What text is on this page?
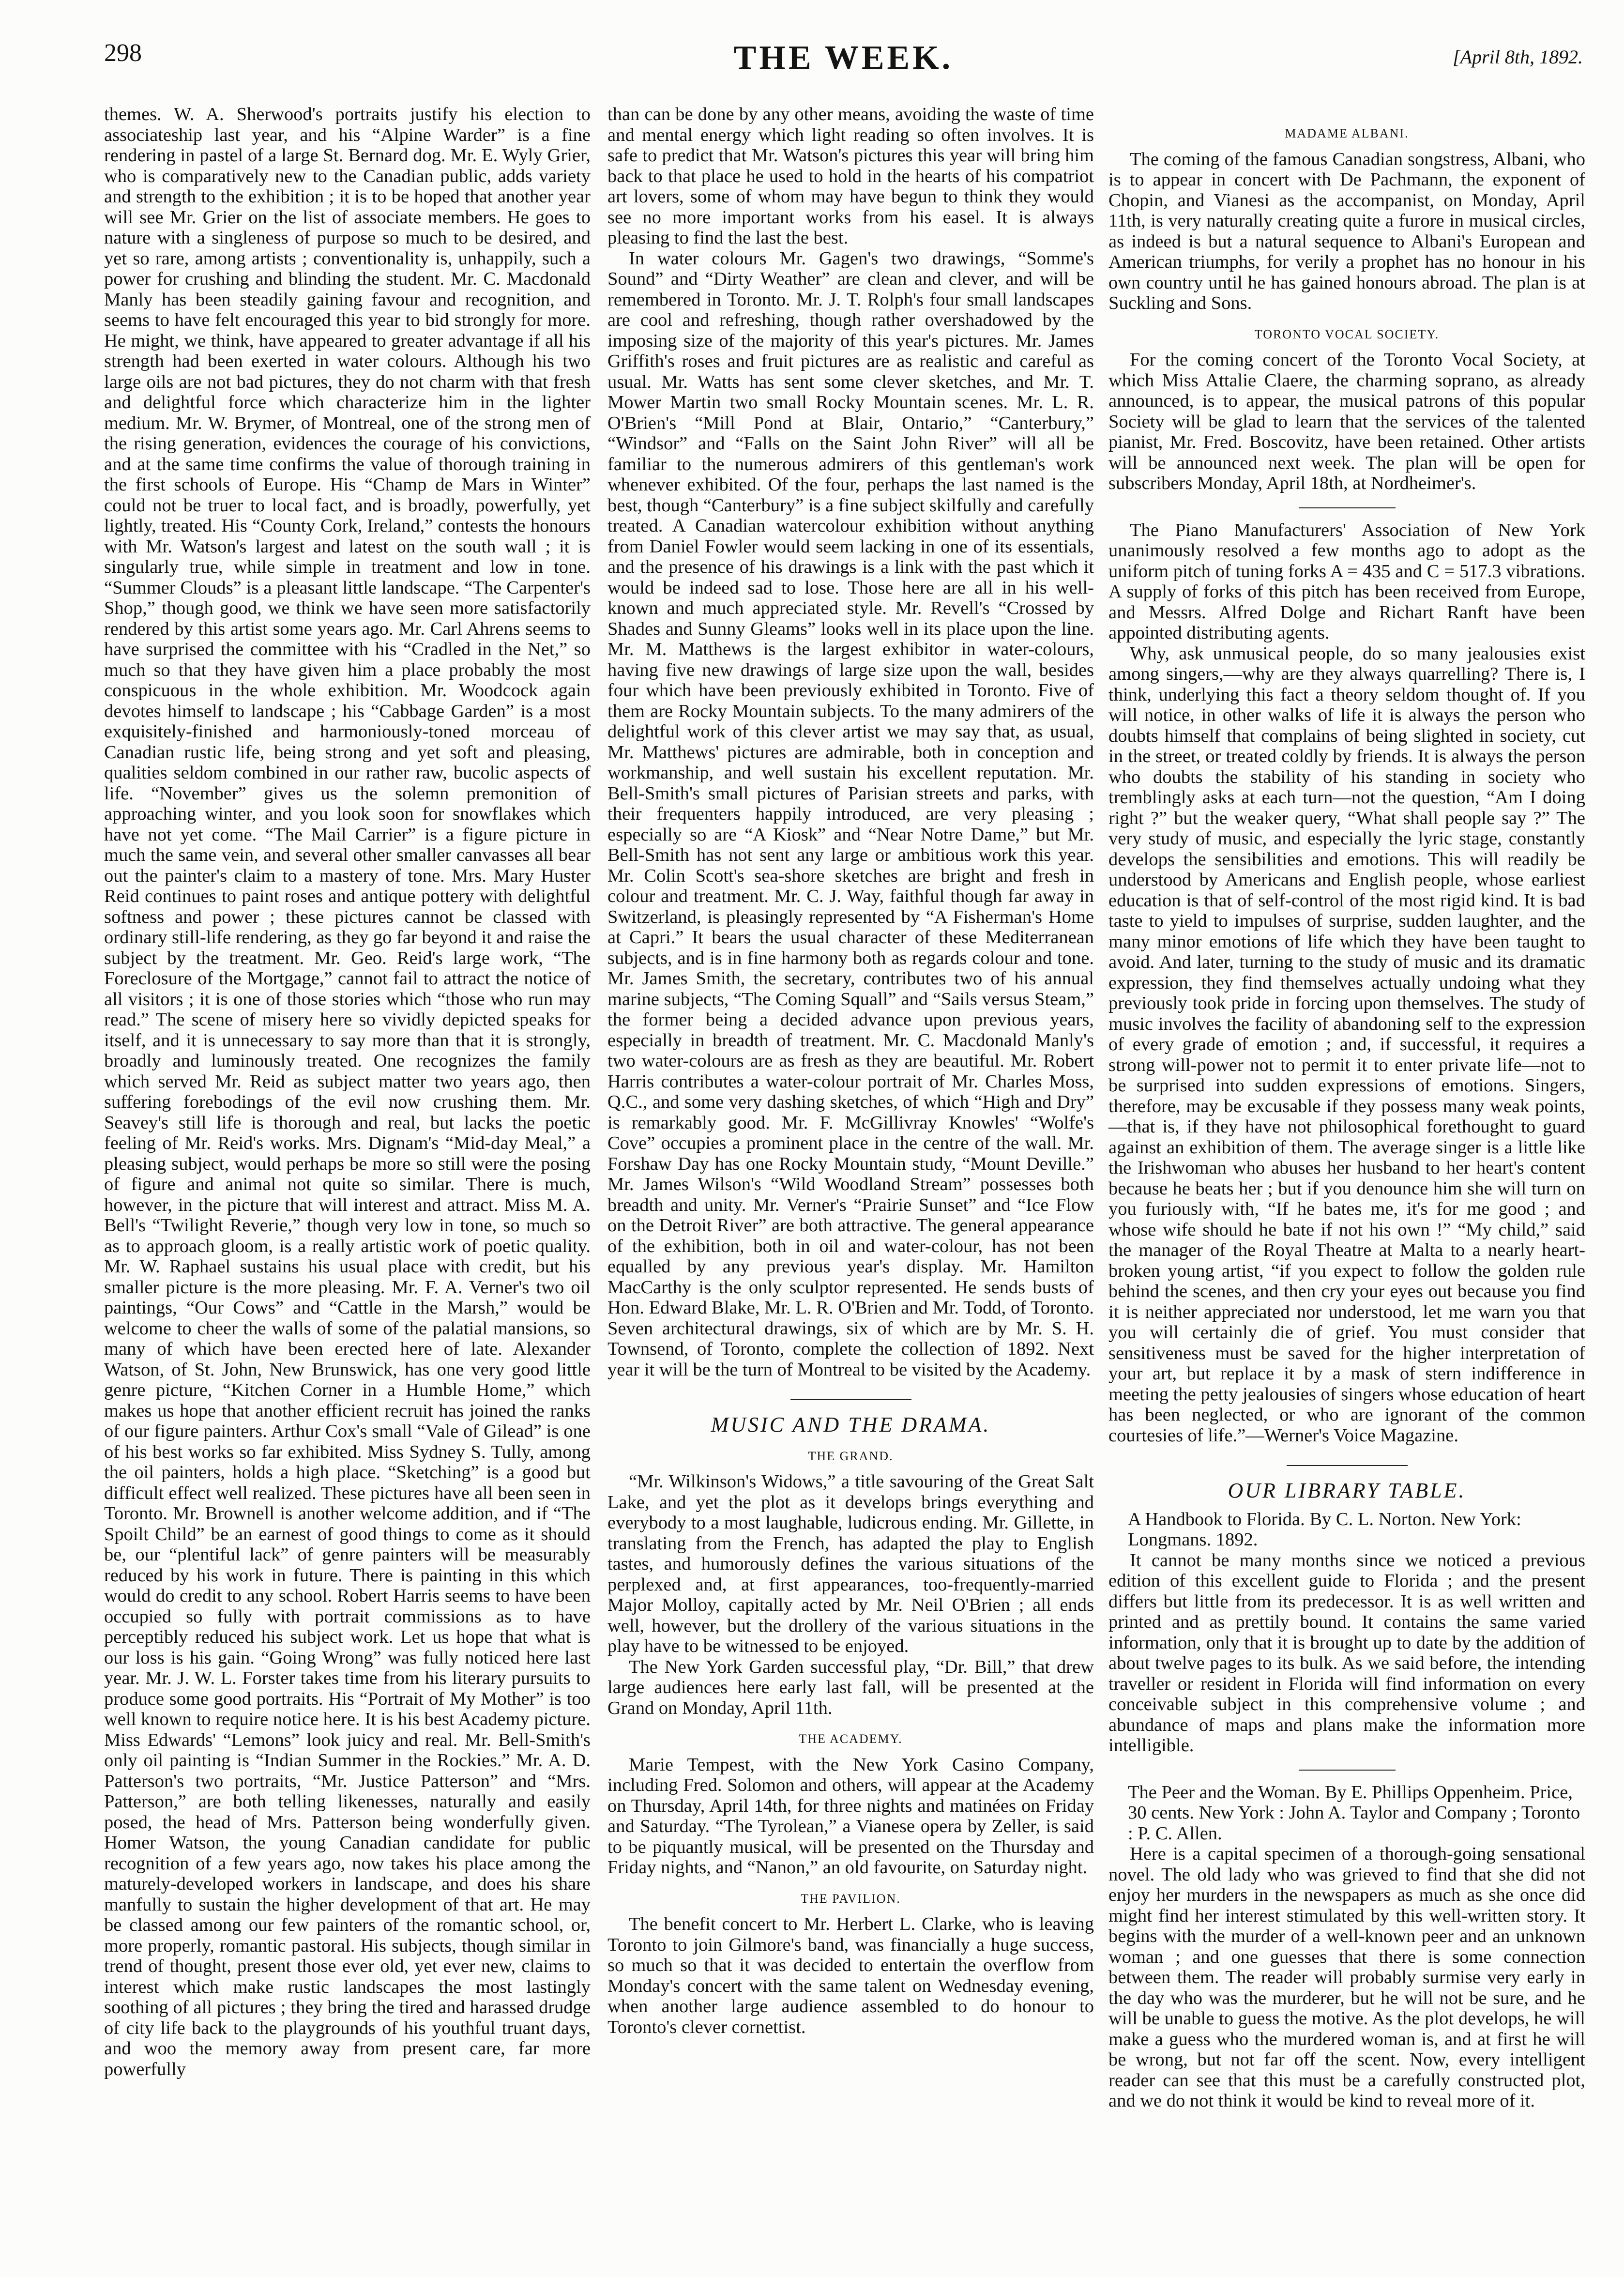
298	THE WEEK.	[April 8th, 1892.

themes. W. A. Sherwood's portraits justify his election to associateship last year, and his “Alpine Warder” is a fine rendering in pastel of a large St. Bernard dog. Mr. E. Wyly Grier, who is comparatively new to the Canadian public, adds variety and strength to the exhibition ; it is to be hoped that another year will see Mr. Grier on the list of associate members. He goes to nature with a singleness of purpose so much to be desired, and yet so rare, among artists ; conventionality is, unhappily, such a power for crushing and blinding the student. Mr. C. Macdonald Manly has been steadily gaining favour and recognition, and seems to have felt encouraged this year to bid strongly for more. He might, we think, have appeared to greater advantage if all his strength had been exerted in water colours. Although his two large oils are not bad pictures, they do not charm with that fresh and delightful force which characterize him in the lighter medium. Mr. W. Brymer, of Montreal, one of the strong men of the rising generation, evidences the courage of his convictions, and at the same time confirms the value of thorough training in the first schools of Europe. His “Champ de Mars in Winter” could not be truer to local fact, and is broadly, powerfully, yet lightly, treated. His “County Cork, Ireland,” contests the honours with Mr. Watson's largest and latest on the south wall ; it is singularly true, while simple in treatment and low in tone. “Summer Clouds” is a pleasant little landscape. “The Carpenter's Shop,” though good, we think we have seen more satisfactorily rendered by this artist some years ago. Mr. Carl Ahrens seems to have surprised the committee with his “Cradled in the Net,” so much so that they have given him a place probably the most conspicuous in the whole exhibition. Mr. Woodcock again devotes himself to landscape ; his “Cabbage Garden” is a most exquisitely-finished and harmoniously-toned morceau of Canadian rustic life, being strong and yet soft and pleasing, qualities seldom combined in our rather raw, bucolic aspects of life. “November” gives us the solemn premonition of approaching winter, and you look soon for snowflakes which have not yet come. “The Mail Carrier” is a figure picture in much the same vein, and several other smaller canvasses all bear out the painter's claim to a mastery of tone. Mrs. Mary Huster Reid continues to paint roses and antique pottery with delightful softness and power ; these pictures cannot be classed with ordinary still-life rendering, as they go far beyond it and raise the subject by the treatment. Mr. Geo. Reid's large work, “The Foreclosure of the Mortgage,” cannot fail to attract the notice of all visitors ; it is one of those stories which “those who run may read.” The scene of misery here so vividly depicted speaks for itself, and it is unnecessary to say more than that it is strongly, broadly and luminously treated. One recognizes the family which served Mr. Reid as subject matter two years ago, then suffering forebodings of the evil now crushing them. Mr. Seavey's still life is thorough and real, but lacks the poetic feeling of Mr. Reid's works. Mrs. Dignam's “Mid-day Meal,” a pleasing subject, would perhaps be more so still were the posing of figure and animal not quite so similar. There is much, however, in the picture that will interest and attract. Miss M. A. Bell's “Twilight Reverie,” though very low in tone, so much so as to approach gloom, is a really artistic work of poetic quality. Mr. W. Raphael sustains his usual place with credit, but his smaller picture is the more pleasing. Mr. F. A. Verner's two oil paintings, “Our Cows” and “Cattle in the Marsh,” would be welcome to cheer the walls of some of the palatial mansions, so many of which have been erected here of late. Alexander Watson, of St. John, New Brunswick, has one very good little genre picture, “Kitchen Corner in a Humble Home,” which makes us hope that another efficient recruit has joined the ranks of our figure painters. Arthur Cox's small “Vale of Gilead” is one of his best works so far exhibited. Miss Sydney S. Tully, among the oil painters, holds a high place. “Sketching” is a good but difficult effect well realized. These pictures have all been seen in Toronto. Mr. Brownell is another welcome addition, and if “The Spoilt Child” be an earnest of good things to come as it should be, our “plentiful lack” of genre painters will be measurably reduced by his work in future. There is painting in this which would do credit to any school. Robert Harris seems to have been occupied so fully with portrait commissions as to have perceptibly reduced his subject work. Let us hope that what is our loss is his gain. “Going Wrong” was fully noticed here last year. Mr. J. W. L. Forster takes time from his literary pursuits to produce some good portraits. His “Portrait of My Mother” is too well known to require notice here. It is his best Academy picture. Miss Edwards' “Lemons” look juicy and real. Mr. Bell-Smith's only oil painting is “Indian Summer in the Rockies.” Mr. A. D. Patterson's two portraits, “Mr. Justice Patterson” and “Mrs. Patterson,” are both telling likenesses, naturally and easily posed, the head of Mrs. Patterson being wonderfully given. Homer Watson, the young Canadian candidate for public recognition of a few years ago, now takes his place among the maturely-developed workers in landscape, and does his share manfully to sustain the higher development of that art. He may be classed among our few painters of the romantic school, or, more properly, romantic pastoral. His subjects, though similar in trend of thought, present those ever old, yet ever new, claims to interest which make rustic landscapes the most lastingly soothing of all pictures ; they bring the tired and harassed drudge of city life back to the playgrounds of his youthful truant days, and woo the memory away from present care, far more powerfully

than can be done by any other means, avoiding the waste of time and mental energy which light reading so often involves. It is safe to predict that Mr. Watson's pictures this year will bring him back to that place he used to hold in the hearts of his compatriot art lovers, some of whom may have begun to think they would see no more important works from his easel. It is always pleasing to find the last the best.

In water colours Mr. Gagen's two drawings, “Somme's Sound” and “Dirty Weather” are clean and clever, and will be remembered in Toronto. Mr. J. T. Rolph's four small landscapes are cool and refreshing, though rather overshadowed by the imposing size of the majority of this year's pictures. Mr. James Griffith's roses and fruit pictures are as realistic and careful as usual. Mr. Watts has sent some clever sketches, and Mr. T. Mower Martin two small Rocky Mountain scenes. Mr. L. R. O'Brien's “Mill Pond at Blair, Ontario,” “Canterbury,” “Windsor” and “Falls on the Saint John River” will all be familiar to the numerous admirers of this gentleman's work whenever exhibited. Of the four, perhaps the last named is the best, though “Canterbury” is a fine subject skilfully and carefully treated. A Canadian watercolour exhibition without anything from Daniel Fowler would seem lacking in one of its essentials, and the presence of his drawings is a link with the past which it would be indeed sad to lose. Those here are all in his well-known and much appreciated style. Mr. Revell's “Crossed by Shades and Sunny Gleams” looks well in its place upon the line. Mr. M. Matthews is the largest exhibitor in water-colours, having five new drawings of large size upon the wall, besides four which have been previously exhibited in Toronto. Five of them are Rocky Mountain subjects. To the many admirers of the delightful work of this clever artist we may say that, as usual, Mr. Matthews' pictures are admirable, both in conception and workmanship, and well sustain his excellent reputation. Mr. Bell-Smith's small pictures of Parisian streets and parks, with their frequenters happily introduced, are very pleasing ; especially so are “A Kiosk” and “Near Notre Dame,” but Mr. Bell-Smith has not sent any large or ambitious work this year. Mr. Colin Scott's sea-shore sketches are bright and fresh in colour and treatment. Mr. C. J. Way, faithful though far away in Switzerland, is pleasingly represented by “A Fisherman's Home at Capri.” It bears the usual character of these Mediterranean subjects, and is in fine harmony both as regards colour and tone. Mr. James Smith, the secretary, contributes two of his annual marine subjects, “The Coming Squall” and “Sails versus Steam,” the former being a decided advance upon previous years, especially in breadth of treatment. Mr. C. Macdonald Manly's two water-colours are as fresh as they are beautiful. Mr. Robert Harris contributes a water-colour portrait of Mr. Charles Moss, Q.C., and some very dashing sketches, of which “High and Dry” is remarkably good. Mr. F. McGillivray Knowles' “Wolfe's Cove” occupies a prominent place in the centre of the wall. Mr. Forshaw Day has one Rocky Mountain study, “Mount Deville.” Mr. James Wilson's “Wild Woodland Stream” possesses both breadth and unity. Mr. Verner's “Prairie Sunset” and “Ice Flow on the Detroit River” are both attractive. The general appearance of the exhibition, both in oil and water-colour, has not been equalled by any previous year's display. Mr. Hamilton MacCarthy is the only sculptor represented. He sends busts of Hon. Edward Blake, Mr. L. R. O'Brien and Mr. Todd, of Toronto. Seven architectural drawings, six of which are by Mr. S. H. Townsend, of Toronto, complete the collection of 1892. Next year it will be the turn of Montreal to be visited by the Academy.

MUSIC AND THE DRAMA.
THE GRAND.

“Mr. Wilkinson's Widows,” a title savouring of the Great Salt Lake, and yet the plot as it develops brings everything and everybody to a most laughable, ludicrous ending. Mr. Gillette, in translating from the French, has adapted the play to English tastes, and humorously defines the various situations of the perplexed and, at first appearances, too-frequently-married Major Molloy, capitally acted by Mr. Neil O'Brien ; all ends well, however, but the drollery of the various situations in the play have to be witnessed to be enjoyed.

The New York Garden successful play, “Dr. Bill,” that drew large audiences here early last fall, will be presented at the Grand on Monday, April 11th.

THE ACADEMY.

Marie Tempest, with the New York Casino Company, including Fred. Solomon and others, will appear at the Academy on Thursday, April 14th, for three nights and matinées on Friday and Saturday. “The Tyrolean,” a Vianese opera by Zeller, is said to be piquantly musical, will be presented on the Thursday and Friday nights, and “Nanon,” an old favourite, on Saturday night.

THE PAVILION.

The benefit concert to Mr. Herbert L. Clarke, who is leaving Toronto to join Gilmore's band, was financially a huge success, so much so that it was decided to entertain the overflow from Monday's concert with the same talent on Wednesday evening, when another large audience assembled to do honour to Toronto's clever cornettist.

MADAME ALBANI.

The coming of the famous Canadian songstress, Albani, who is to appear in concert with De Pachmann, the exponent of Chopin, and Vianesi as the accompanist, on Monday, April 11th, is very naturally creating quite a furore in musical circles, as indeed is but a natural sequence to Albani's European and American triumphs, for verily a prophet has no honour in his own country until he has gained honours abroad. The plan is at Suckling and Sons.

TORONTO VOCAL SOCIETY.

For the coming concert of the Toronto Vocal Society, at which Miss Attalie Claere, the charming soprano, as already announced, is to appear, the musical patrons of this popular Society will be glad to learn that the services of the talented pianist, Mr. Fred. Boscovitz, have been retained. Other artists will be announced next week. The plan will be open for subscribers Monday, April 18th, at Nordheimer's.

The Piano Manufacturers' Association of New York unanimously resolved a few months ago to adopt as the uniform pitch of tuning forks A = 435 and C = 517.3 vibrations. A supply of forks of this pitch has been received from Europe, and Messrs. Alfred Dolge and Richart Ranft have been appointed distributing agents.

Why, ask unmusical people, do so many jealousies exist among singers,—why are they always quarrelling? There is, I think, underlying this fact a theory seldom thought of. If you will notice, in other walks of life it is always the person who doubts himself that complains of being slighted in society, cut in the street, or treated coldly by friends. It is always the person who doubts the stability of his standing in society who tremblingly asks at each turn—not the question, “Am I doing right ?” but the weaker query, “What shall people say ?” The very study of music, and especially the lyric stage, constantly develops the sensibilities and emotions. This will readily be understood by Americans and English people, whose earliest education is that of self-control of the most rigid kind. It is bad taste to yield to impulses of surprise, sudden laughter, and the many minor emotions of life which they have been taught to avoid. And later, turning to the study of music and its dramatic expression, they find themselves actually undoing what they previously took pride in forcing upon themselves. The study of music involves the facility of abandoning self to the expression of every grade of emotion ; and, if successful, it requires a strong will-power not to permit it to enter private life—not to be surprised into sudden expressions of emotions. Singers, therefore, may be excusable if they possess many weak points,—that is, if they have not philosophical forethought to guard against an exhibition of them. The average singer is a little like the Irishwoman who abuses her husband to her heart's content because he beats her ; but if you denounce him she will turn on you furiously with, “If he bates me, it's for me good ; and whose wife should he bate if not his own !” “My child,” said the manager of the Royal Theatre at Malta to a nearly heart-broken young artist, “if you expect to follow the golden rule behind the scenes, and then cry your eyes out because you find it is neither appreciated nor understood, let me warn you that you will certainly die of grief. You must consider that sensitiveness must be saved for the higher interpretation of your art, but replace it by a mask of stern indifference in meeting the petty jealousies of singers whose education of heart has been neglected, or who are ignorant of the common courtesies of life.”—Werner's Voice Magazine.

OUR LIBRARY TABLE.

A Handbook to Florida. By C. L. Norton. New York: Longmans. 1892.

It cannot be many months since we noticed a previous edition of this excellent guide to Florida ; and the present differs but little from its predecessor. It is as well written and printed and as prettily bound. It contains the same varied information, only that it is brought up to date by the addition of about twelve pages to its bulk. As we said before, the intending traveller or resident in Florida will find information on every conceivable subject in this comprehensive volume ; and abundance of maps and plans make the information more intelligible.

The Peer and the Woman. By E. Phillips Oppenheim. Price, 30 cents. New York : John A. Taylor and Company ; Toronto : P. C. Allen.

Here is a capital specimen of a thorough-going sensational novel. The old lady who was grieved to find that she did not enjoy her murders in the newspapers as much as she once did might find her interest stimulated by this well-written story. It begins with the murder of a well-known peer and an unknown woman ; and one guesses that there is some connection between them. The reader will probably surmise very early in the day who was the murderer, but he will not be sure, and he will be unable to guess the motive. As the plot develops, he will make a guess who the murdered woman is, and at first he will be wrong, but not far off the scent. Now, every intelligent reader can see that this must be a carefully constructed plot, and we do not think it would be kind to reveal more of it.
